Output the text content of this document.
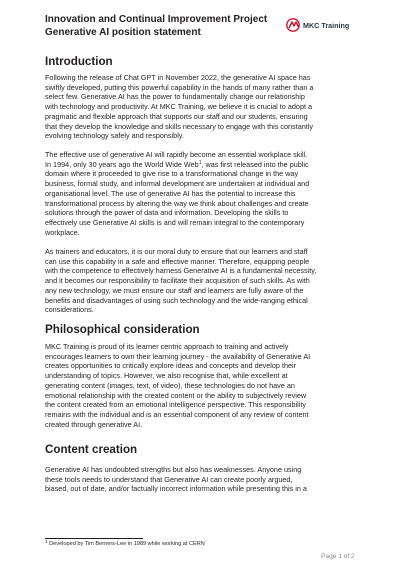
Innovation and Continual Improvement Project
Generative AI position statement
MKC Training
Introduction

Following the release of Chat GPT in November 2022, the generative AI space has
swiftly developed, putting this powerful capability in the hands of many rather than a
select few. Generative AI has the power to fundamentally change our relationship
with technology and productivity. At MKC Training, we believe it is crucial to adopt a
pragmatic and flexible approach that supports our staff and our students, ensuring
that they develop the knowledge and skills necessary to engage with this constantly
evolving technology safely and responsibly.

The effective use of generative AI will rapidly become an essential workplace skill.
In 1994, only 30 years ago the World Wide Web$^1$, was first released into the public
domain where it proceeded to give rise to a transformational change in the way
business, formal study, and informal development are undertaken at individual and
organisational level. The use of generative AI has the potential to increase this
transformational process by altering the way we think about challenges and create
solutions through the power of data and information. Developing the skills to
effectively use Generative AI skills is and will remain integral to the contemporary
workplace.

As trainers and educators, it is our moral duty to ensure that our learners and staff
can use this capability in a safe and effective manner. Therefore, equipping people
with the competence to effectively harness Generative AI is a fundamental necessity,
and it becomes our responsibility to facilitate their acquisition of such skills. As with
any new technology, we must ensure our staff and learners are fully aware of the
benefits and disadvantages of using such technology and the wide-ranging ethical
considerations.

Philosophical consideration

MKC Training is proud of its learner centric approach to training and actively
encourages learners to own their learning journey - the availability of Generative AI
creates opportunities to critically explore ideas and concepts and develop their
understanding of topics. However, we also recognise that, while excellent at
generating content (images, text, of video), these technologies do not have an
emotional relationship with the created content or the ability to subjectively review
the content created from an emotional intelligence perspective. This responsibility
remains with the individual and is an essential component of any review of content
created through generative AI.

Content creation

Generative AI has undoubted strengths but also has weaknesses. Anyone using
these tools needs to understand that Generative AI can create poorly argued,
biased, out of date, and/or factually incorrect information while presenting this in a

$^1$ Developed by Tim Berners-Lee in 1989 while working at CERN
Page 1 of 2
